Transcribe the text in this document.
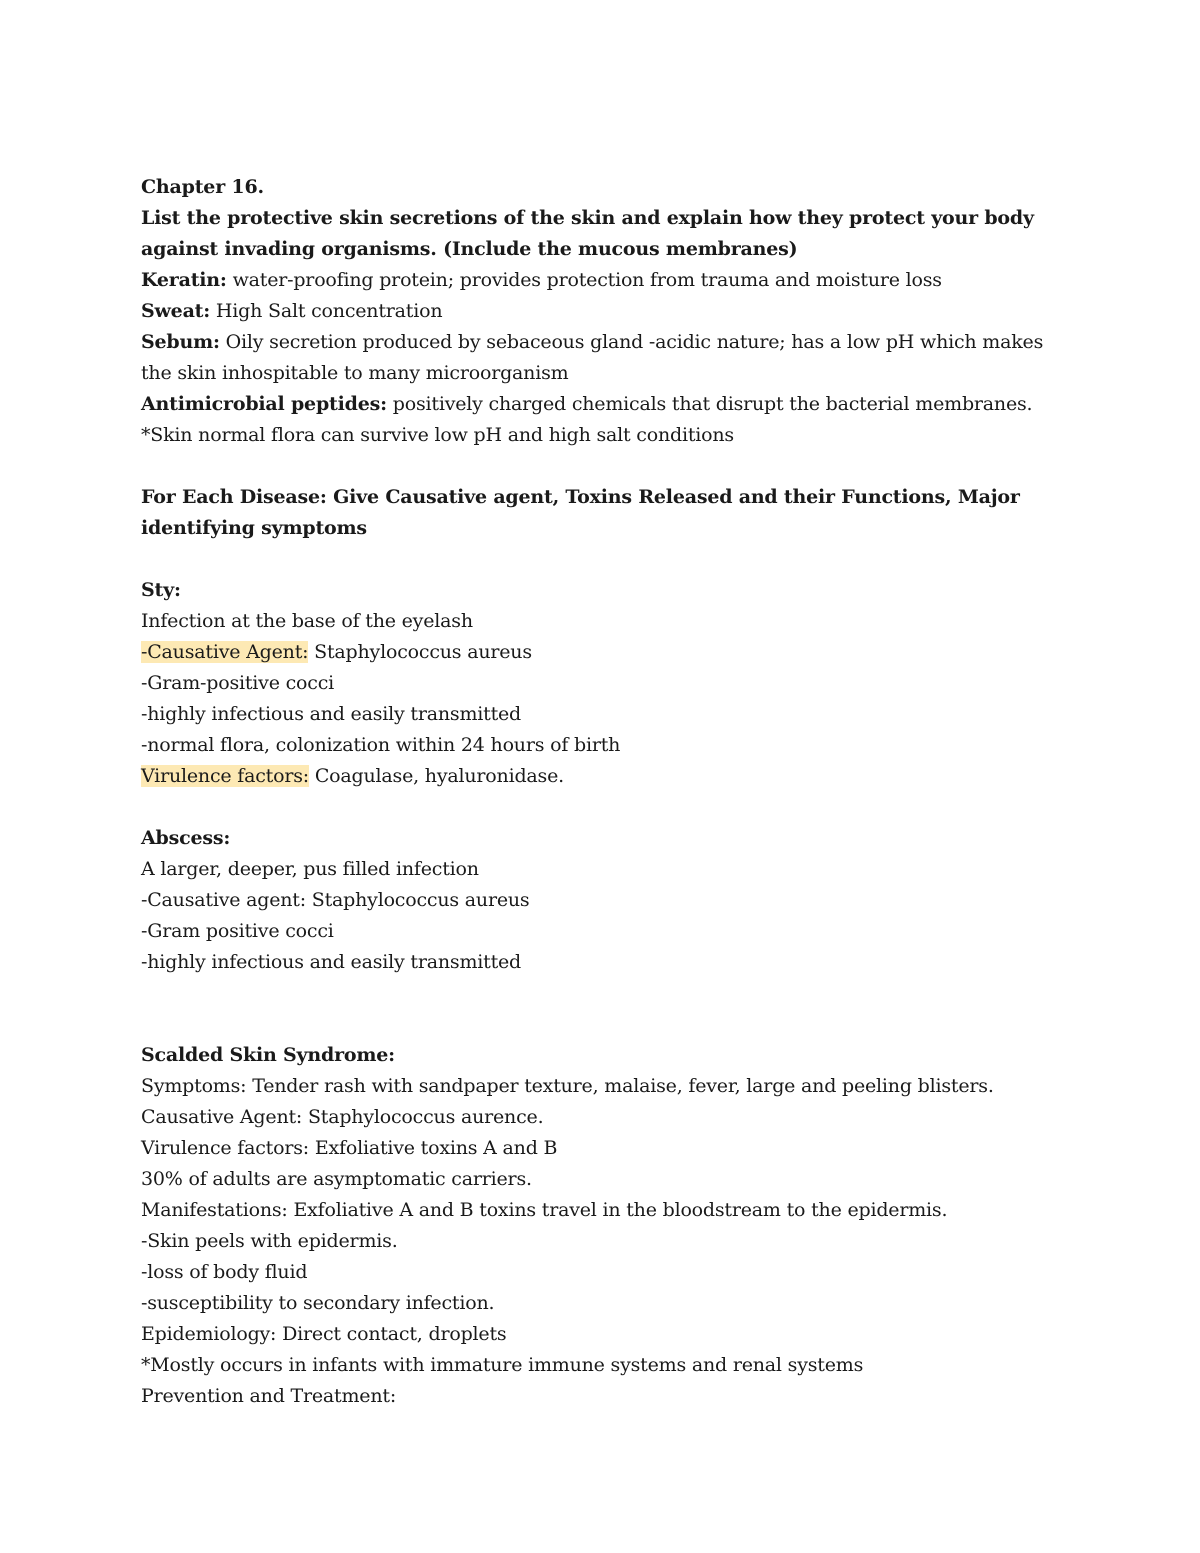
Chapter 16.
List the protective skin secretions of the skin and explain how they protect your body
against invading organisms. (Include the mucous membranes)
Keratin: water-proofing protein; provides protection from trauma and moisture loss
Sweat: High Salt concentration
Sebum: Oily secretion produced by sebaceous gland -acidic nature; has a low pH which makes
the skin inhospitable to many microorganism
Antimicrobial peptides: positively charged chemicals that disrupt the bacterial membranes.
*Skin normal flora can survive low pH and high salt conditions
For Each Disease: Give Causative agent, Toxins Released and their Functions, Major
identifying symptoms
Sty:
Infection at the base of the eyelash
-Causative Agent: Staphylococcus aureus
-Gram-positive cocci
-highly infectious and easily transmitted
-normal flora, colonization within 24 hours of birth
Virulence factors: Coagulase, hyaluronidase.
Abscess:
A larger, deeper, pus filled infection
-Causative agent: Staphylococcus aureus
-Gram positive cocci
-highly infectious and easily transmitted
Scalded Skin Syndrome:
Symptoms: Tender rash with sandpaper texture, malaise, fever, large and peeling blisters.
Causative Agent: Staphylococcus aurence.
Virulence factors: Exfoliative toxins A and B
30% of adults are asymptomatic carriers.
Manifestations: Exfoliative A and B toxins travel in the bloodstream to the epidermis.
-Skin peels with epidermis.
-loss of body fluid
-susceptibility to secondary infection.
Epidemiology: Direct contact, droplets
*Mostly occurs in infants with immature immune systems and renal systems
Prevention and Treatment:
